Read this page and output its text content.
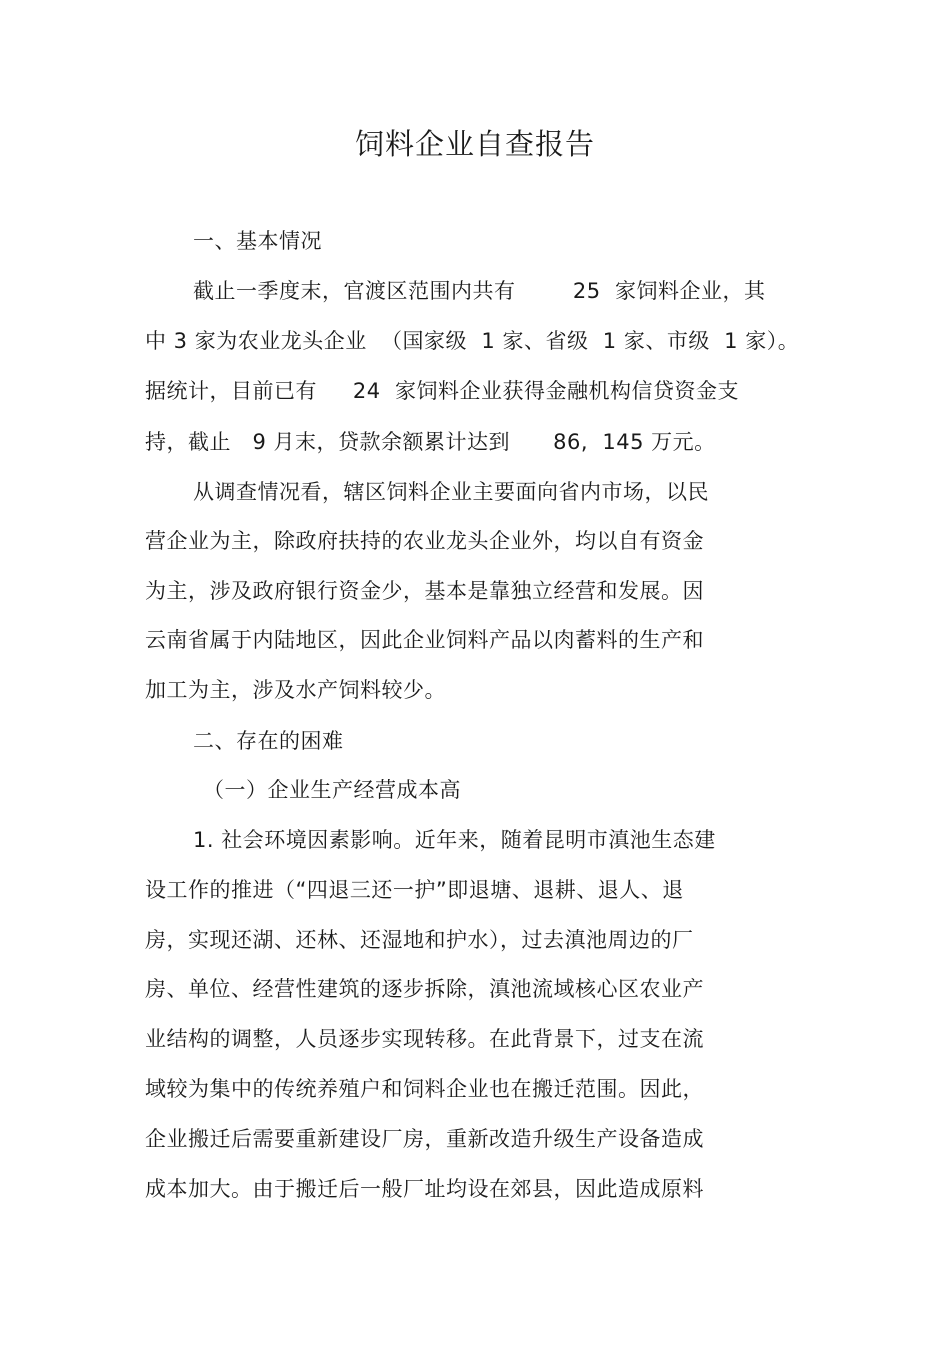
饲料企业自查报告
一、基本情况
截止一季度末，官渡区范围内共有        25  家饲料企业，其
中 3 家为农业龙头企业  （国家级  1 家、省级  1 家、市级  1 家）。
据统计，目前已有     24  家饲料企业获得金融机构信贷资金支
持，截止   9 月末，贷款余额累计达到      86,  145 万元。
从调查情况看，辖区饲料企业主要面向省内市场，以民
营企业为主，除政府扶持的农业龙头企业外，均以自有资金
为主，涉及政府银行资金少，基本是靠独立经营和发展。因
云南省属于内陆地区，因此企业饲料产品以肉蓄料的生产和
加工为主，涉及水产饲料较少。
二、存在的困难
（一）企业生产经营成本高
1. 社会环境因素影响。近年来，随着昆明市滇池生态建
设工作的推进（“四退三还一护”即退塘、退耕、退人、退
房，实现还湖、还林、还湿地和护水），过去滇池周边的厂
房、单位、经营性建筑的逐步拆除，滇池流域核心区农业产
业结构的调整，人员逐步实现转移。在此背景下，过支在流
域较为集中的传统养殖户和饲料企业也在搬迁范围。因此，
企业搬迁后需要重新建设厂房，重新改造升级生产设备造成
成本加大。由于搬迁后一般厂址均设在郊县，因此造成原料
